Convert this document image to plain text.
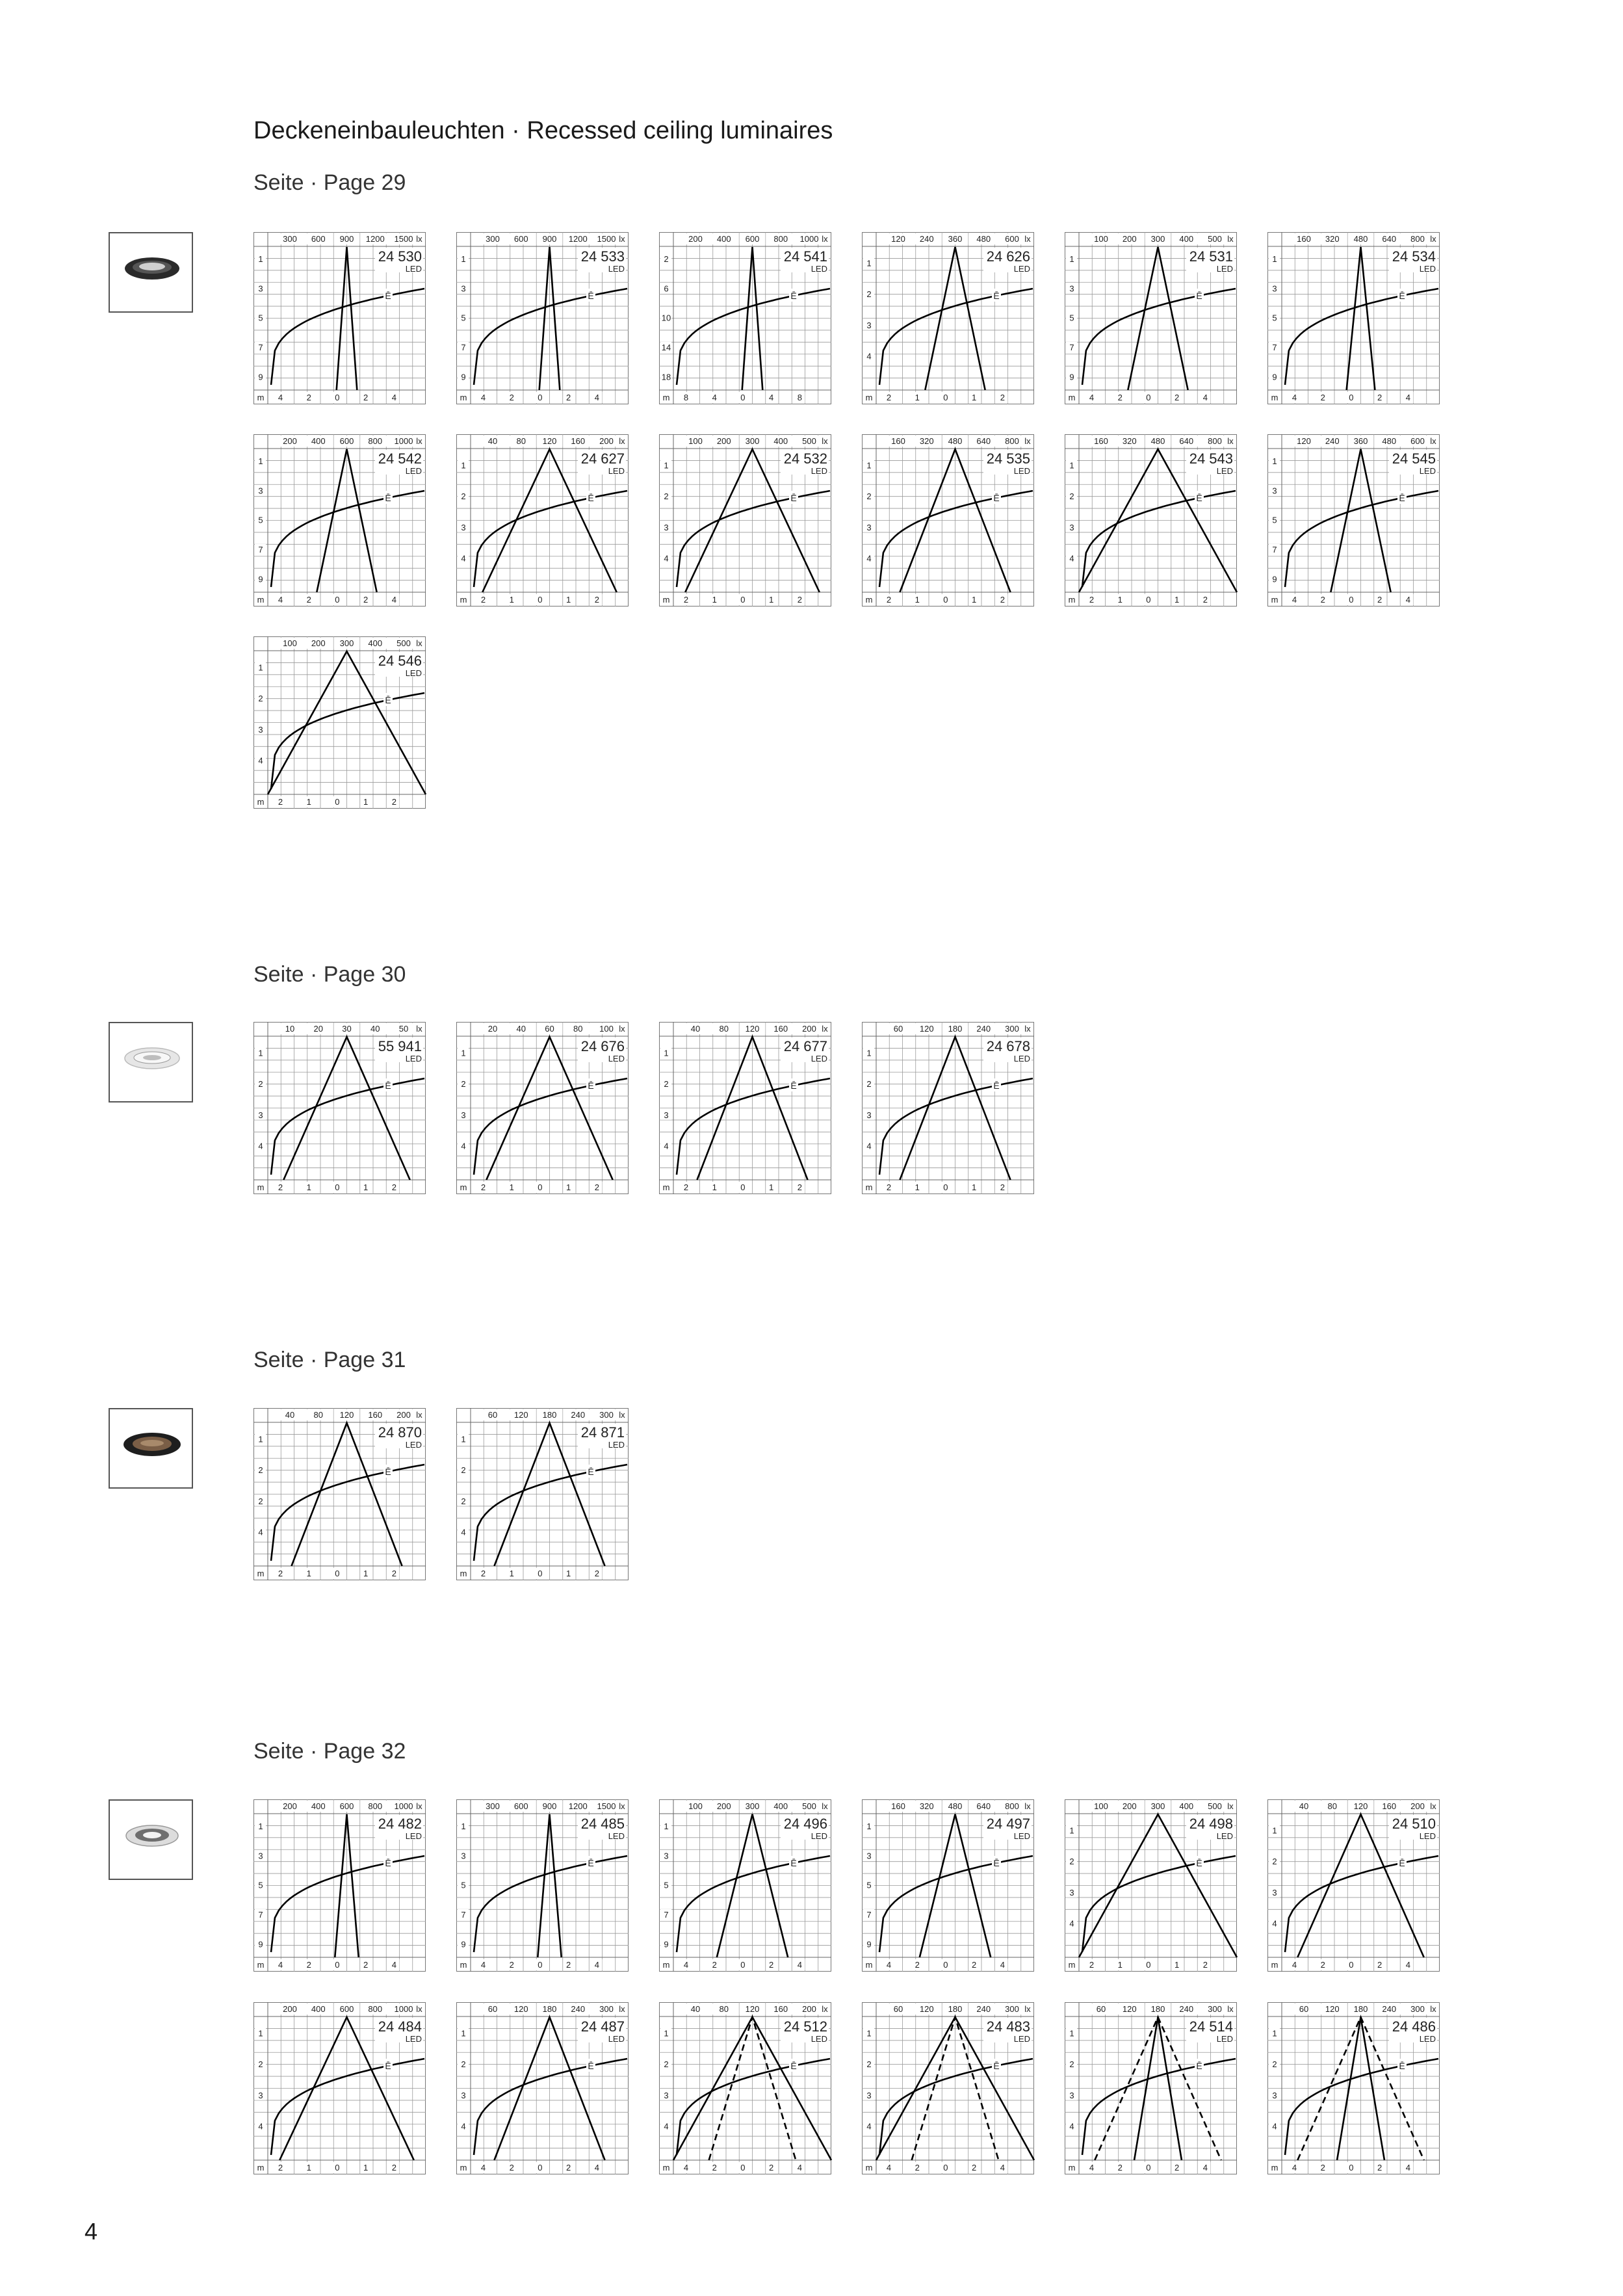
Deckeneinbauleuchten · Recessed ceiling luminaires
Seite · Page 29
300 600 900 1200 1500 lx
m 4	2	0	2	4
1
3
5
7
9
24 530
LED
Ē
300 600 900 1200 1500 lx
m 4	2	0	2	4
1
3
5
7
9
24 533
LED
Ē
200 400 600 800 1000 lx
m 8	4	0	4	8
2
6
10
14
18
24 541
LED
Ē
120 240 360 480 600 lx
m 2	1	0	1	2
1
2
3
4
24 626
LED
Ē
100 200 300 400 500 lx
m 4	2	0	2	4
1
3
5
7
9
24 531
LED
Ē
160 320 480 640 800 lx
m 4	2	0	2	4
1
3
5
7
9
24 534
LED
Ē
200 400 600 800 1000 lx
m 4	2	0	2	4
1
3
5
7
9
24 542
LED
Ē
40 80 120 160 200 lx
m 2	1	0	1	2
1
2
3
4
24 627
LED
Ē
100 200 300 400 500 lx
m 2	1	0	1	2
1
2
3
4
24 532
LED
Ē
160 320 480 640 800 lx
m 2	1	0	1	2
1
2
3
4
24 535
LED
Ē
160 320 480 640 800 lx
m 2	1	0	1	2
1
2
3
4
24 543
LED
Ē
120 240 360 480 600 lx
m 4	2	0	2	4
1
3
5
7
9
24 545
LED
Ē
100 200 300 400 500 lx
m 2	1	0	1	2
1
2
3
4
24 546
LED
Ē
Seite · Page 30
10 20 30 40 50 lx
m 2	1	0	1	2
1
2
3
4
55 941
LED
Ē
20 40 60 80 100 lx
m 2	1	0	1	2
1
2
3
4
24 676
LED
Ē
40 80 120 160 200 lx
m 2	1	0	1	2
1
2
3
4
24 677
LED
Ē
60 120 180 240 300 lx
m 2	1	0	1	2
1
2
3
4
24 678
LED
Ē
Seite · Page 31
40 80 120 160 200 lx
m 2	1	0	1	2
1
2
2
4
24 870
LED
Ē
60 120 180 240 300 lx
m 2	1	0	1	2
1
2
2
4
24 871
LED
Ē
Seite · Page 32
200 400 600 800 1000 lx
m 4	2	0	2	4
1
3
5
7
9
24 482
LED
Ē
300 600 900 1200 1500 lx
m 4	2	0	2	4
1
3
5
7
9
24 485
LED
Ē
100 200 300 400 500 lx
m 4	2	0	2	4
1
3
5
7
9
24 496
LED
Ē
160 320 480 640 800 lx
m 4	2	0	2	4
1
3
5
7
9
24 497
LED
Ē
100 200 300 400 500 lx
m 2	1	0	1	2
1
2
3
4
24 498
LED
Ē
40 80 120 160 200 lx
m 4	2	0	2	4
1
2
3
4
24 510
LED
Ē
200 400 600 800 1000 lx
m 2	1	0	1	2
1
2
3
4
24 484
LED
Ē
60 120 180 240 300 lx
m 4	2	0	2	4
1
2
3
4
24 487
LED
Ē
40 80 120 160 200 lx
m 4	2	0	2	4
1
2
3
4
24 512
LED
Ē
60 120 180 240 300 lx
m 4	2	0	2	4
1
2
3
4
24 483
LED
Ē
60 120 180 240 300 lx
m 4	2	0	2	4
1
2
3
4
24 514
LED
Ē
60 120 180 240 300 lx
m 4	2	0	2	4
1
2
3
4
24 486
LED
Ē
4
